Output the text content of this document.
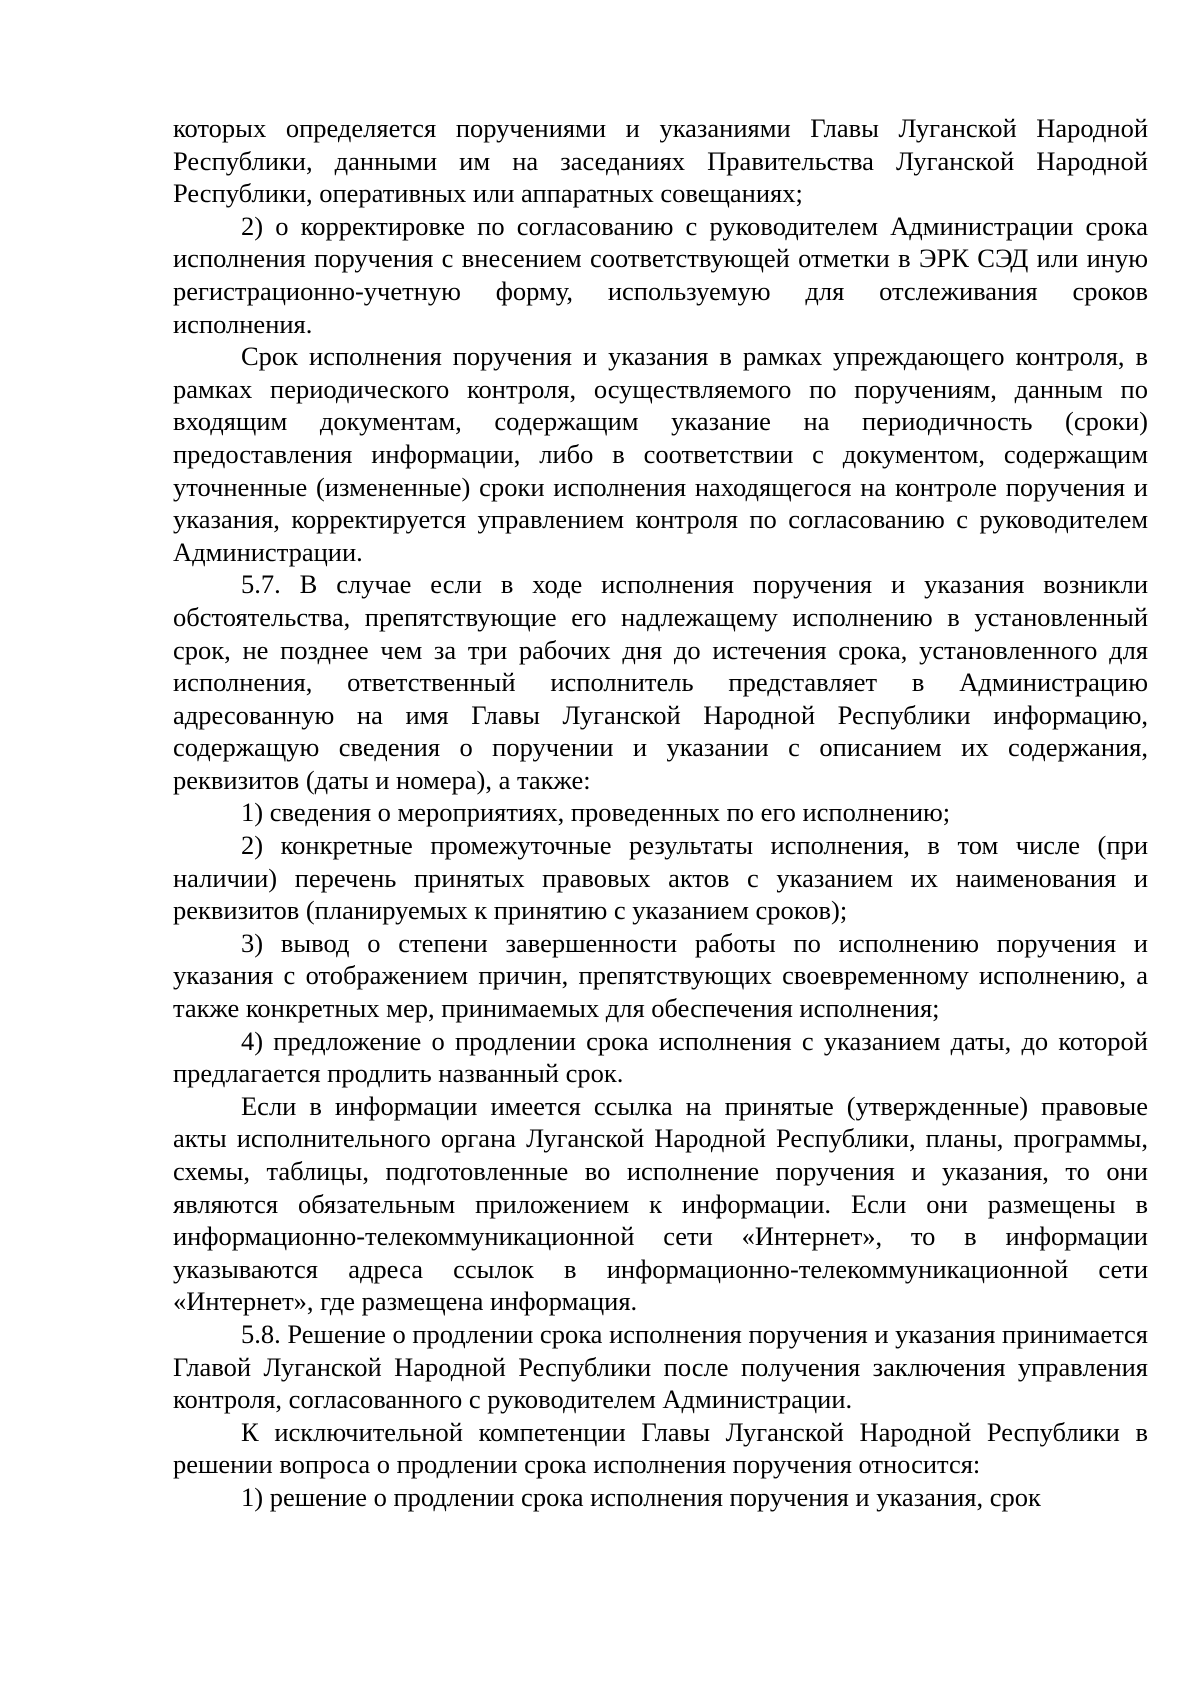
которых определяется поручениями и указаниями Главы Луганской Народной Республики, данными им на заседаниях Правительства Луганской Народной Республики, оперативных или аппаратных совещаниях;

2) о корректировке по согласованию с руководителем Администрации срока исполнения поручения с внесением соответствующей отметки в ЭРК СЭД или иную регистрационно-учетную форму, используемую для отслеживания сроков исполнения.

Срок исполнения поручения и указания в рамках упреждающего контроля, в рамках периодического контроля, осуществляемого по поручениям, данным по входящим документам, содержащим указание на периодичность (сроки) предоставления информации, либо в соответствии с документом, содержащим уточненные (измененные) сроки исполнения находящегося на контроле поручения и указания, корректируется управлением контроля по согласованию с руководителем Администрации.

5.7. В случае если в ходе исполнения поручения и указания возникли обстоятельства, препятствующие его надлежащему исполнению в установленный срок, не позднее чем за три рабочих дня до истечения срока, установленного для исполнения, ответственный исполнитель представляет в Администрацию адресованную на имя Главы Луганской Народной Республики информацию, содержащую сведения о поручении и указании с описанием их содержания, реквизитов (даты и номера), а также:

1) сведения о мероприятиях, проведенных по его исполнению;

2) конкретные промежуточные результаты исполнения, в том числе (при наличии) перечень принятых правовых актов с указанием их наименования и реквизитов (планируемых к принятию с указанием сроков);

3) вывод о степени завершенности работы по исполнению поручения и указания с отображением причин, препятствующих своевременному исполнению, а также конкретных мер, принимаемых для обеспечения исполнения;

4) предложение о продлении срока исполнения с указанием даты, до которой предлагается продлить названный срок.

Если в информации имеется ссылка на принятые (утвержденные) правовые акты исполнительного органа Луганской Народной Республики, планы, программы, схемы, таблицы, подготовленные во исполнение поручения и указания, то они являются обязательным приложением к информации. Если они размещены в информационно-телекоммуникационной сети «Интернет», то в информации указываются адреса ссылок в информационно-телекоммуникационной сети «Интернет», где размещена информация.

5.8. Решение о продлении срока исполнения поручения и указания принимается Главой Луганской Народной Республики после получения заключения управления контроля, согласованного с руководителем Администрации.

К исключительной компетенции Главы Луганской Народной Республики в решении вопроса о продлении срока исполнения поручения относится:

1) решение о продлении срока исполнения поручения и указания, срок
